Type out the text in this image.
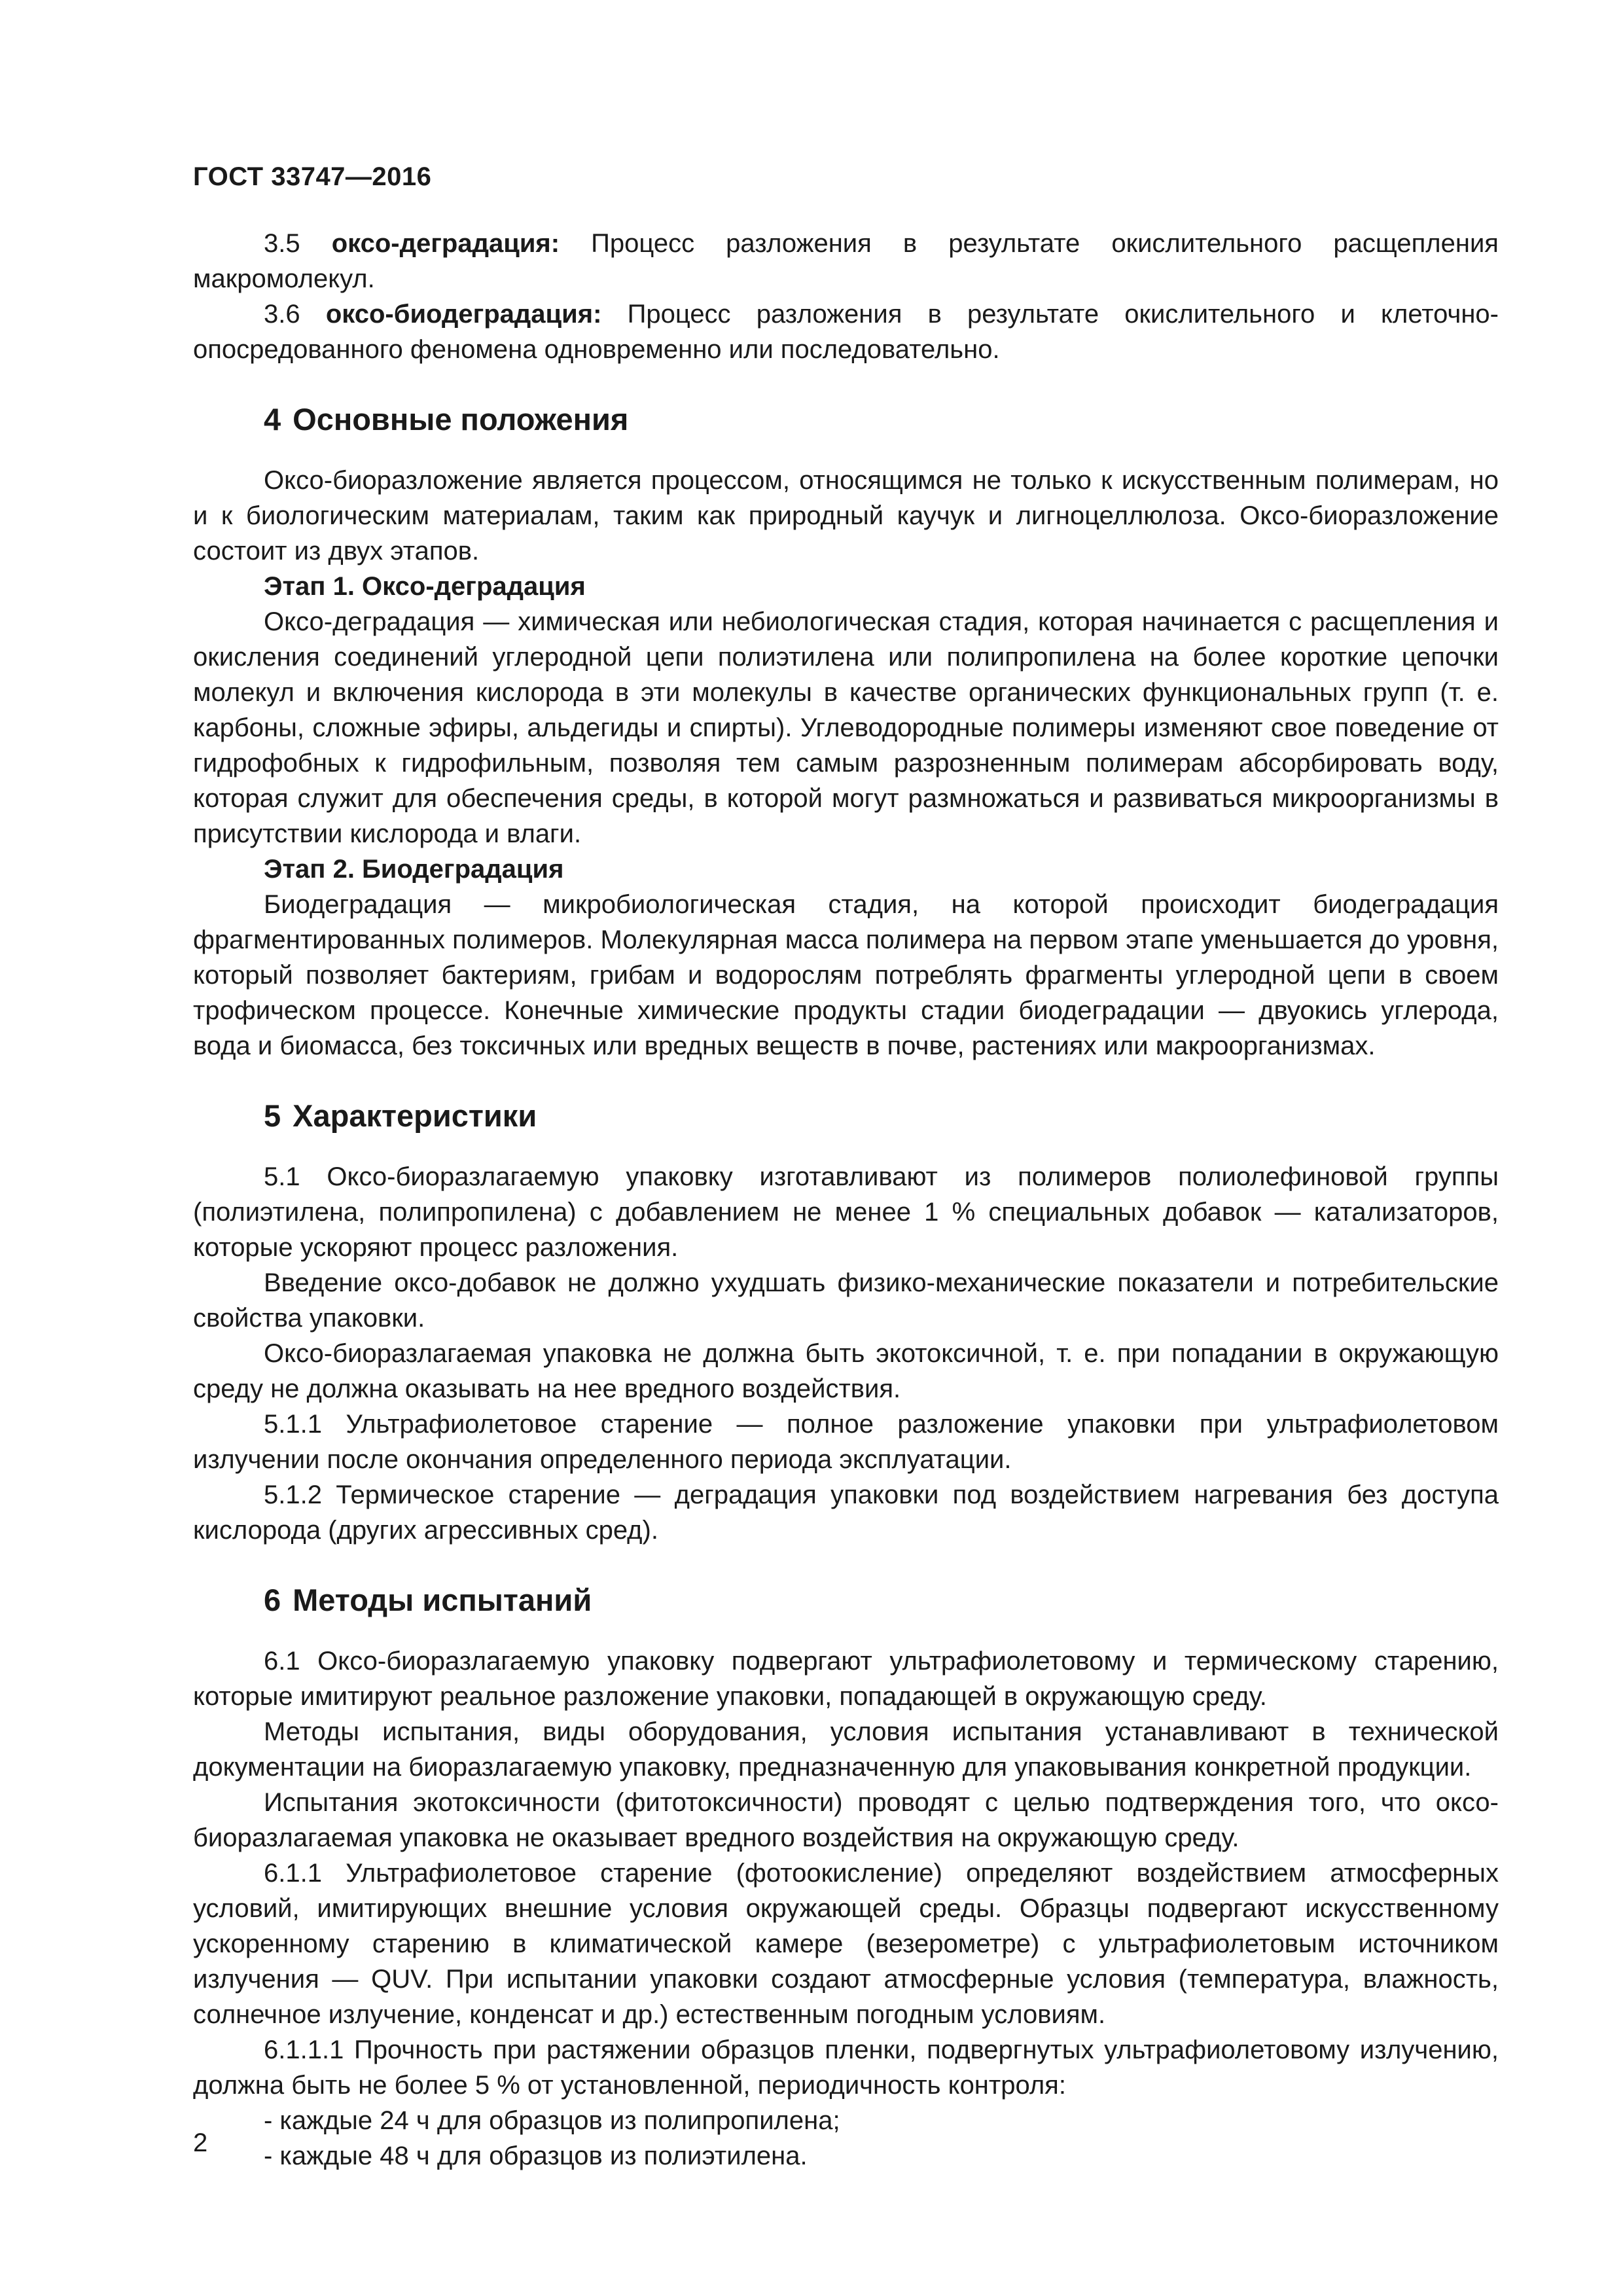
ГОСТ 33747—2016

3.5 оксо-деградация: Процесс разложения в результате окислительного расщепления макромолекул.

3.6 оксо-биодеградация: Процесс разложения в результате окислительного и клеточно-опосредованного феномена одновременно или последовательно.

4 Основные положения

Оксо-биоразложение является процессом, относящимся не только к искусственным полимерам, но и к биологическим материалам, таким как природный каучук и лигноцеллюлоза. Оксо-биоразложение состоит из двух этапов.

Этап 1. Оксо-деградация

Оксо-деградация — химическая или небиологическая стадия, которая начинается с расщепления и окисления соединений углеродной цепи полиэтилена или полипропилена на более короткие цепочки молекул и включения кислорода в эти молекулы в качестве органических функциональных групп (т. е. карбоны, сложные эфиры, альдегиды и спирты). Углеводородные полимеры изменяют свое поведение от гидрофобных к гидрофильным, позволяя тем самым разрозненным полимерам абсорбировать воду, которая служит для обеспечения среды, в которой могут размножаться и развиваться микроорганизмы в присутствии кислорода и влаги.

Этап 2. Биодеградация

Биодеградация — микробиологическая стадия, на которой происходит биодеградация фрагментированных полимеров. Молекулярная масса полимера на первом этапе уменьшается до уровня, который позволяет бактериям, грибам и водорослям потреблять фрагменты углеродной цепи в своем трофическом процессе. Конечные химические продукты стадии биодеградации — двуокись углерода, вода и биомасса, без токсичных или вредных веществ в почве, растениях или макроорганизмах.

5 Характеристики

5.1 Оксо-биоразлагаемую упаковку изготавливают из полимеров полиолефиновой группы (полиэтилена, полипропилена) с добавлением не менее 1 % специальных добавок — катализаторов, которые ускоряют процесс разложения.

Введение оксо-добавок не должно ухудшать физико-механические показатели и потребительские свойства упаковки.

Оксо-биоразлагаемая упаковка не должна быть экотоксичной, т. е. при попадании в окружающую среду не должна оказывать на нее вредного воздействия.

5.1.1 Ультрафиолетовое старение — полное разложение упаковки при ультрафиолетовом излучении после окончания определенного периода эксплуатации.

5.1.2 Термическое старение — деградация упаковки под воздействием нагревания без доступа кислорода (других агрессивных сред).

6 Методы испытаний

6.1 Оксо-биоразлагаемую упаковку подвергают ультрафиолетовому и термическому старению, которые имитируют реальное разложение упаковки, попадающей в окружающую среду.

Методы испытания, виды оборудования, условия испытания устанавливают в технической документации на биоразлагаемую упаковку, предназначенную для упаковывания конкретной продукции.

Испытания экотоксичности (фитотоксичности) проводят с целью подтверждения того, что оксо-биоразлагаемая упаковка не оказывает вредного воздействия на окружающую среду.

6.1.1 Ультрафиолетовое старение (фотоокисление) определяют воздействием атмосферных условий, имитирующих внешние условия окружающей среды. Образцы подвергают искусственному ускоренному старению в климатической камере (везерометре) с ультрафиолетовым источником излучения — QUV. При испытании упаковки создают атмосферные условия (температура, влажность, солнечное излучение, конденсат и др.) естественным погодным условиям.

6.1.1.1 Прочность при растяжении образцов пленки, подвергнутых ультрафиолетовому излучению, должна быть не более 5 % от установленной, периодичность контроля:

- каждые 24 ч для образцов из полипропилена;

- каждые 48 ч для образцов из полиэтилена.

2
